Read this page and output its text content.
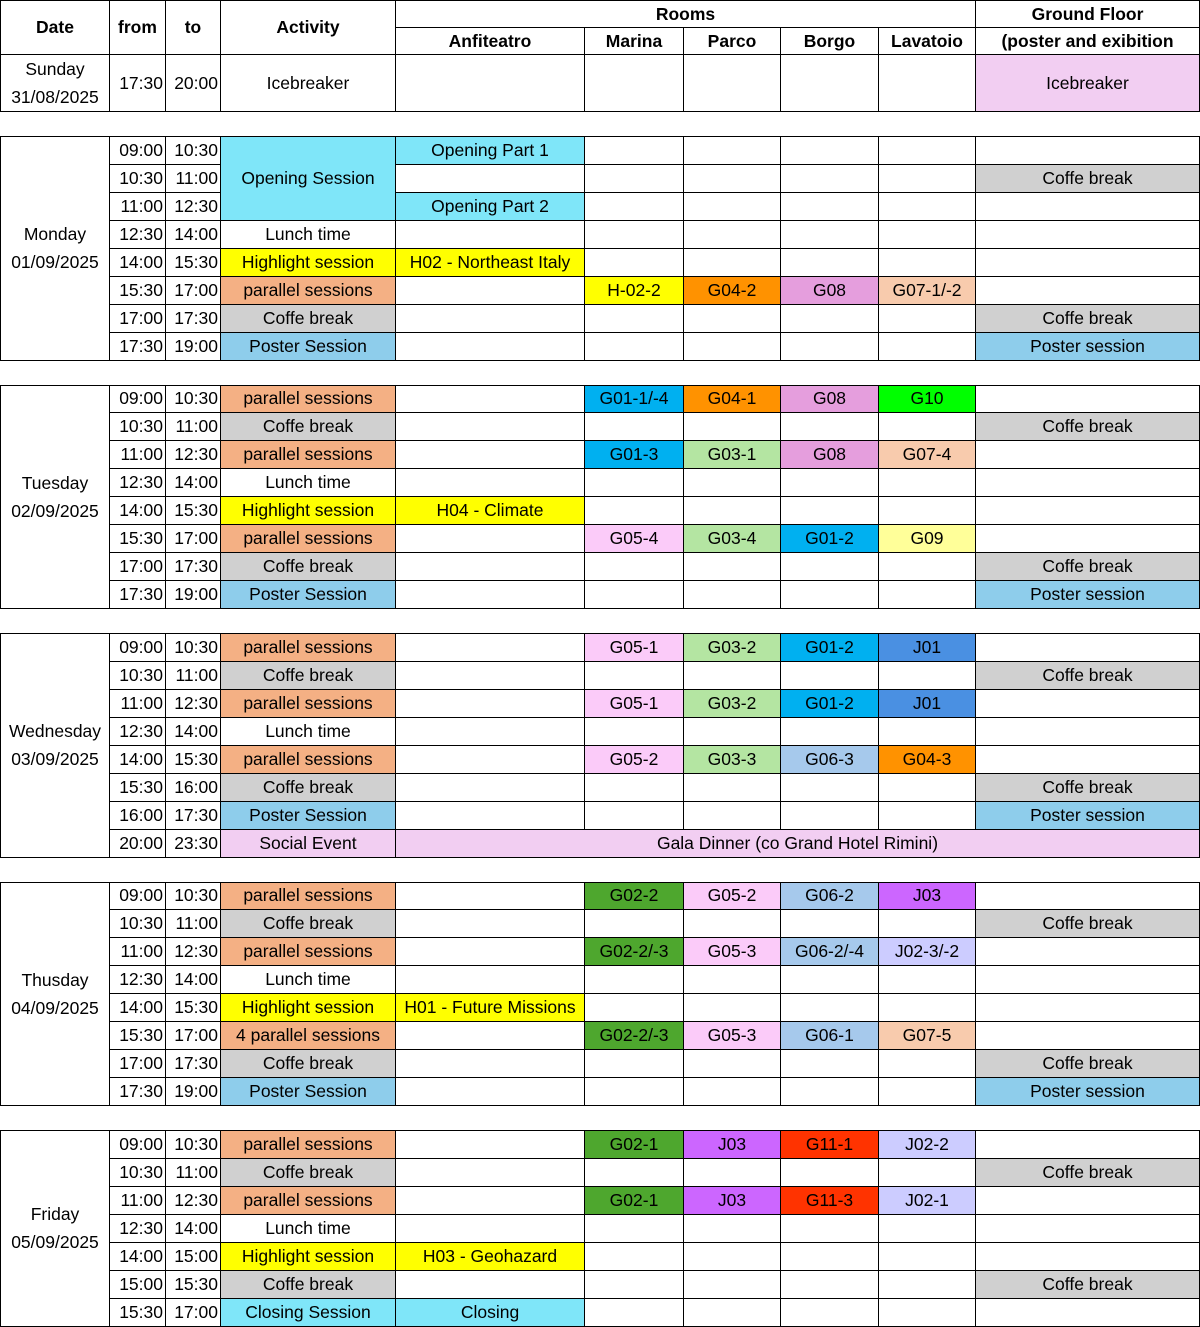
Date	from	to	Activity	Rooms					Ground Floor
				Anfiteatro	Marina	Parco	Borgo	Lavatoio	(poster and exibition
Sunday
31/08/2025	17:30	20:00	Icebreaker						Icebreaker

Monday
01/09/2025	09:00	10:30	Opening Session	Opening Part 1					
	10:30	11:00							Coffe break
	11:00	12:30		Opening Part 2					
	12:30	14:00	Lunch time						
	14:00	15:30	Highlight session	H02 - Northeast Italy					
	15:30	17:00	parallel sessions		H-02-2	G04-2	G08	G07-1/-2	
	17:00	17:30	Coffe break						Coffe break
	17:30	19:00	Poster Session						Poster session

Tuesday
02/09/2025	09:00	10:30	parallel sessions		G01-1/-4	G04-1	G08	G10	
	10:30	11:00	Coffe break						Coffe break
	11:00	12:30	parallel sessions		G01-3	G03-1	G08	G07-4	
	12:30	14:00	Lunch time						
	14:00	15:30	Highlight session	H04 - Climate					
	15:30	17:00	parallel sessions		G05-4	G03-4	G01-2	G09	
	17:00	17:30	Coffe break						Coffe break
	17:30	19:00	Poster Session						Poster session

Wednesday
03/09/2025	09:00	10:30	parallel sessions		G05-1	G03-2	G01-2	J01	
	10:30	11:00	Coffe break						Coffe break
	11:00	12:30	parallel sessions		G05-1	G03-2	G01-2	J01	
	12:30	14:00	Lunch time						
	14:00	15:30	parallel sessions		G05-2	G03-3	G06-3	G04-3	
	15:30	16:00	Coffe break						Coffe break
	16:00	17:30	Poster Session						Poster session
	20:00	23:30	Social Event	Gala Dinner (co Grand Hotel Rimini)					

Thusday
04/09/2025	09:00	10:30	parallel sessions		G02-2	G05-2	G06-2	J03	
	10:30	11:00	Coffe break						Coffe break
	11:00	12:30	parallel sessions		G02-2/-3	G05-3	G06-2/-4	J02-3/-2	
	12:30	14:00	Lunch time						
	14:00	15:30	Highlight session	H01 - Future Missions					
	15:30	17:00	4 parallel sessions		G02-2/-3	G05-3	G06-1	G07-5	
	17:00	17:30	Coffe break						Coffe break
	17:30	19:00	Poster Session						Poster session

Friday
05/09/2025	09:00	10:30	parallel sessions		G02-1	J03	G11-1	J02-2	
	10:30	11:00	Coffe break						Coffe break
	11:00	12:30	parallel sessions		G02-1	J03	G11-3	J02-1	
	12:30	14:00	Lunch time						
	14:00	15:00	Highlight session	H03 - Geohazard					
	15:00	15:30	Coffe break						Coffe break
	15:30	17:00	Closing Session	Closing					
